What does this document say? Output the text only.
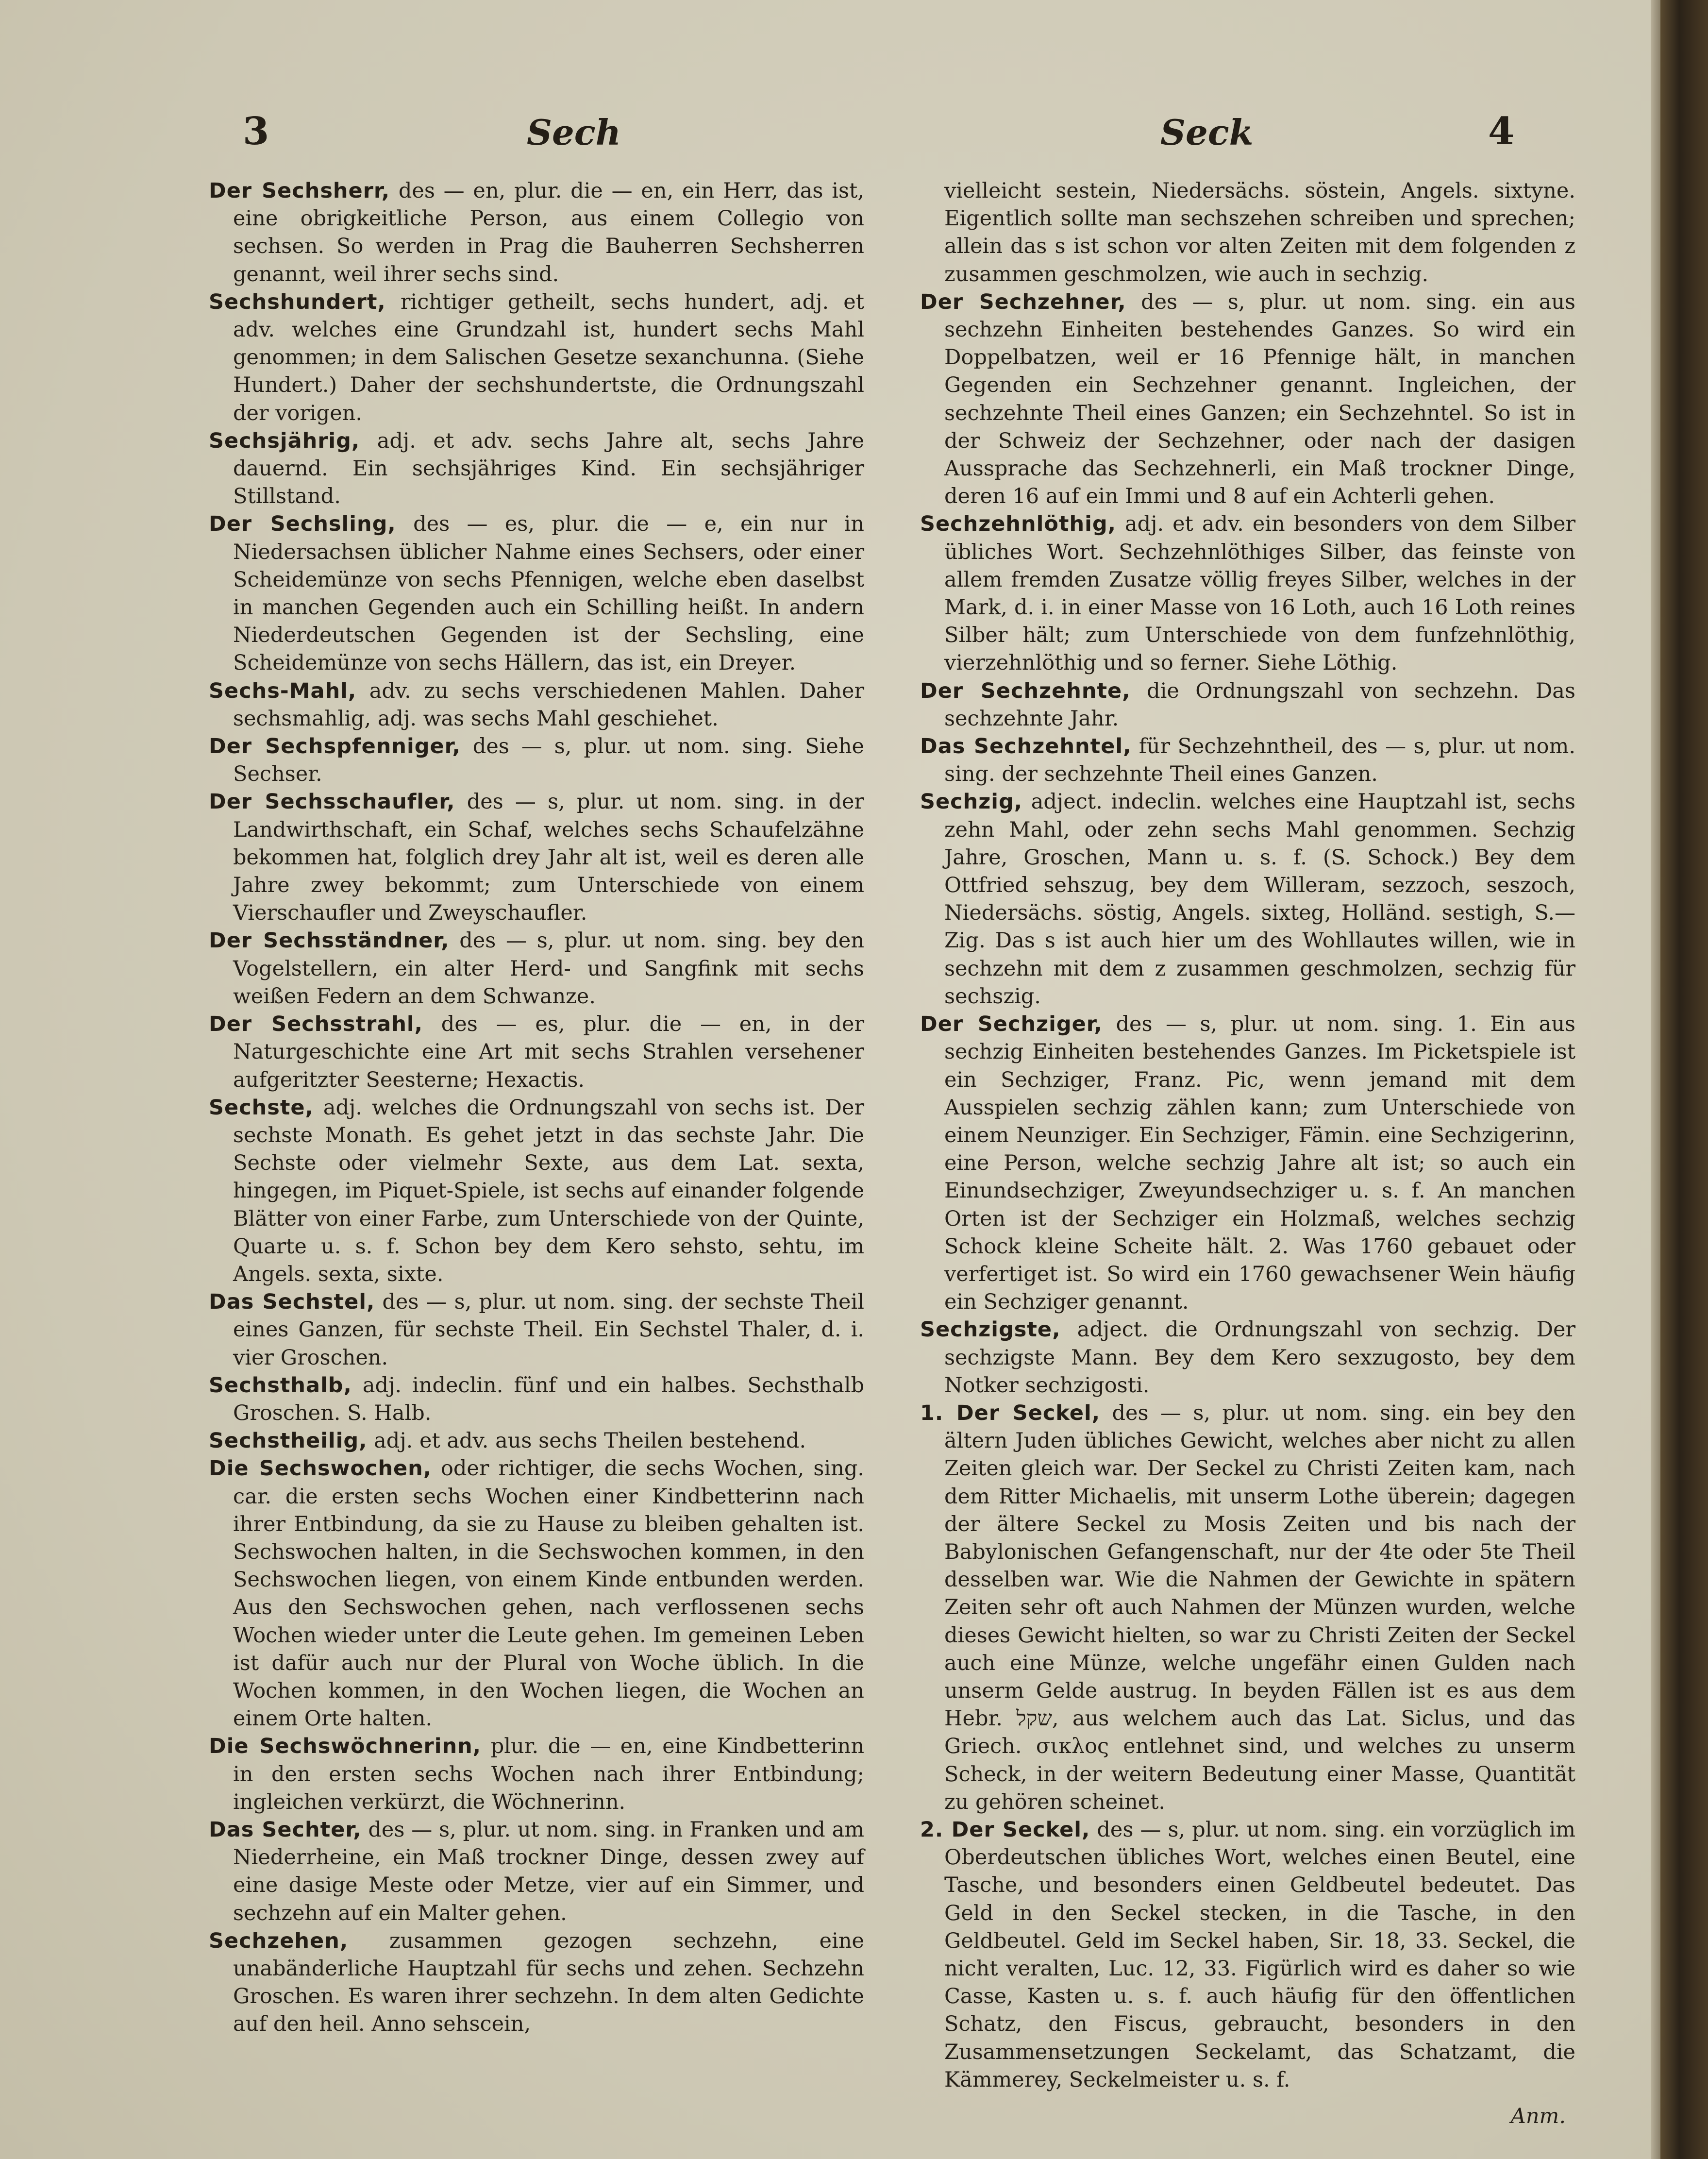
3	Sech	Seck	4

Der Sechsherr, des — en, plur. die — en, ein Herr, das ist, eine obrigkeitliche Person, aus einem Collegio von sechsen. So werden in Prag die Bauherren Sechsherren genannt, weil ihrer sechs sind.

Sechshundert, richtiger getheilt, sechs hundert, adj. et adv. welches eine Grundzahl ist, hundert sechs Mahl genommen; in dem Salischen Gesetze sexanchunna. (Siehe Hundert.) Daher der sechshundertste, die Ordnungszahl der vorigen.

Sechsjährig, adj. et adv. sechs Jahre alt, sechs Jahre dauernd. Ein sechsjähriges Kind. Ein sechsjähriger Stillstand.

Der Sechsling, des — es, plur. die — e, ein nur in Niedersachsen üblicher Nahme eines Sechsers, oder einer Scheidemünze von sechs Pfennigen, welche eben daselbst in manchen Gegenden auch ein Schilling heißt. In andern Niederdeutschen Gegenden ist der Sechsling, eine Scheidemünze von sechs Hällern, das ist, ein Dreyer.

Sechs-Mahl, adv. zu sechs verschiedenen Mahlen. Daher sechsmahlig, adj. was sechs Mahl geschiehet.

Der Sechspfenniger, des — s, plur. ut nom. sing. Siehe Sechser.

Der Sechsschaufler, des — s, plur. ut nom. sing. in der Landwirthschaft, ein Schaf, welches sechs Schaufelzähne bekommen hat, folglich drey Jahr alt ist, weil es deren alle Jahre zwey bekommt; zum Unterschiede von einem Vierschaufler und Zweyschaufler.

Der Sechsständner, des — s, plur. ut nom. sing. bey den Vogelstellern, ein alter Herd- und Sangfink mit sechs weißen Federn an dem Schwanze.

Der Sechsstrahl, des — es, plur. die — en, in der Naturgeschichte eine Art mit sechs Strahlen versehener aufgeritzter Seesterne; Hexactis.

Sechste, adj. welches die Ordnungszahl von sechs ist. Der sechste Monath. Es gehet jetzt in das sechste Jahr. Die Sechste oder vielmehr Sexte, aus dem Lat. sexta, hingegen, im Piquet-Spiele, ist sechs auf einander folgende Blätter von einer Farbe, zum Unterschiede von der Quinte, Quarte u. s. f. Schon bey dem Kero sehsto, sehtu, im Angels. sexta, sixte.

Das Sechstel, des — s, plur. ut nom. sing. der sechste Theil eines Ganzen, für sechste Theil. Ein Sechstel Thaler, d. i. vier Groschen.

Sechsthalb, adj. indeclin. fünf und ein halbes. Sechsthalb Groschen. S. Halb.

Sechstheilig, adj. et adv. aus sechs Theilen bestehend.

Die Sechswochen, oder richtiger, die sechs Wochen, sing. car. die ersten sechs Wochen einer Kindbetterinn nach ihrer Entbindung, da sie zu Hause zu bleiben gehalten ist. Sechswochen halten, in die Sechswochen kommen, in den Sechswochen liegen, von einem Kinde entbunden werden. Aus den Sechswochen gehen, nach verflossenen sechs Wochen wieder unter die Leute gehen. Im gemeinen Leben ist dafür auch nur der Plural von Woche üblich. In die Wochen kommen, in den Wochen liegen, die Wochen an einem Orte halten.

Die Sechswöchnerinn, plur. die — en, eine Kindbetterinn in den ersten sechs Wochen nach ihrer Entbindung; ingleichen verkürzt, die Wöchnerinn.

Das Sechter, des — s, plur. ut nom. sing. in Franken und am Niederrheine, ein Maß trockner Dinge, dessen zwey auf eine dasige Meste oder Metze, vier auf ein Simmer, und sechzehn auf ein Malter gehen.

Sechzehen, zusammen gezogen sechzehn, eine unabänderliche Hauptzahl für sechs und zehen. Sechzehn Groschen. Es waren ihrer sechzehn. In dem alten Gedichte auf den heil. Anno sehscein,

vielleicht sestein, Niedersächs. söstein, Angels. sixtyne. Eigentlich sollte man sechszehen schreiben und sprechen; allein das s ist schon vor alten Zeiten mit dem folgenden z zusammen geschmolzen, wie auch in sechzig.

Der Sechzehner, des — s, plur. ut nom. sing. ein aus sechzehn Einheiten bestehendes Ganzes. So wird ein Doppelbatzen, weil er 16 Pfennige hält, in manchen Gegenden ein Sechzehner genannt. Ingleichen, der sechzehnte Theil eines Ganzen; ein Sechzehntel. So ist in der Schweiz der Sechzehner, oder nach der dasigen Aussprache das Sechzehnerli, ein Maß trockner Dinge, deren 16 auf ein Immi und 8 auf ein Achterli gehen.

Sechzehnlöthig, adj. et adv. ein besonders von dem Silber übliches Wort. Sechzehnlöthiges Silber, das feinste von allem fremden Zusatze völlig freyes Silber, welches in der Mark, d. i. in einer Masse von 16 Loth, auch 16 Loth reines Silber hält; zum Unterschiede von dem funfzehnlöthig, vierzehnlöthig und so ferner. Siehe Löthig.

Der Sechzehnte, die Ordnungszahl von sechzehn. Das sechzehnte Jahr.

Das Sechzehntel, für Sechzehntheil, des — s, plur. ut nom. sing. der sechzehnte Theil eines Ganzen.

Sechzig, adject. indeclin. welches eine Hauptzahl ist, sechs zehn Mahl, oder zehn sechs Mahl genommen. Sechzig Jahre, Groschen, Mann u. s. f. (S. Schock.) Bey dem Ottfried sehszug, bey dem Willeram, sezzoch, seszoch, Niedersächs. söstig, Angels. sixteg, Holländ. sestigh, S.—Zig. Das s ist auch hier um des Wohllautes willen, wie in sechzehn mit dem z zusammen geschmolzen, sechzig für sechszig.

Der Sechziger, des — s, plur. ut nom. sing. 1. Ein aus sechzig Einheiten bestehendes Ganzes. Im Picketspiele ist ein Sechziger, Franz. Pic, wenn jemand mit dem Ausspielen sechzig zählen kann; zum Unterschiede von einem Neunziger. Ein Sechziger, Fämin. eine Sechzigerinn, eine Person, welche sechzig Jahre alt ist; so auch ein Einundsechziger, Zweyundsechziger u. s. f. An manchen Orten ist der Sechziger ein Holzmaß, welches sechzig Schock kleine Scheite hält. 2. Was 1760 gebauet oder verfertiget ist. So wird ein 1760 gewachsener Wein häufig ein Sechziger genannt.

Sechzigste, adject. die Ordnungszahl von sechzig. Der sechzigste Mann. Bey dem Kero sexzugosto, bey dem Notker sechzigosti.

1. Der Seckel, des — s, plur. ut nom. sing. ein bey den ältern Juden übliches Gewicht, welches aber nicht zu allen Zeiten gleich war. Der Seckel zu Christi Zeiten kam, nach dem Ritter Michaelis, mit unserm Lothe überein; dagegen der ältere Seckel zu Mosis Zeiten und bis nach der Babylonischen Gefangenschaft, nur der 4te oder 5te Theil desselben war. Wie die Nahmen der Gewichte in spätern Zeiten sehr oft auch Nahmen der Münzen wurden, welche dieses Gewicht hielten, so war zu Christi Zeiten der Seckel auch eine Münze, welche ungefähr einen Gulden nach unserm Gelde austrug. In beyden Fällen ist es aus dem Hebr. שקל, aus welchem auch das Lat. Siclus, und das Griech. σικλος entlehnet sind, und welches zu unserm Scheck, in der weitern Bedeutung einer Masse, Quantität zu gehören scheinet.

2. Der Seckel, des — s, plur. ut nom. sing. ein vorzüglich im Oberdeutschen übliches Wort, welches einen Beutel, eine Tasche, und besonders einen Geldbeutel bedeutet. Das Geld in den Seckel stecken, in die Tasche, in den Geldbeutel. Geld im Seckel haben, Sir. 18, 33. Seckel, die nicht veralten, Luc. 12, 33. Figürlich wird es daher so wie Casse, Kasten u. s. f. auch häufig für den öffentlichen Schatz, den Fiscus, gebraucht, besonders in den Zusammensetzungen Seckelamt, das Schatzamt, die Kämmerey, Seckelmeister u. s. f.

Anm.
